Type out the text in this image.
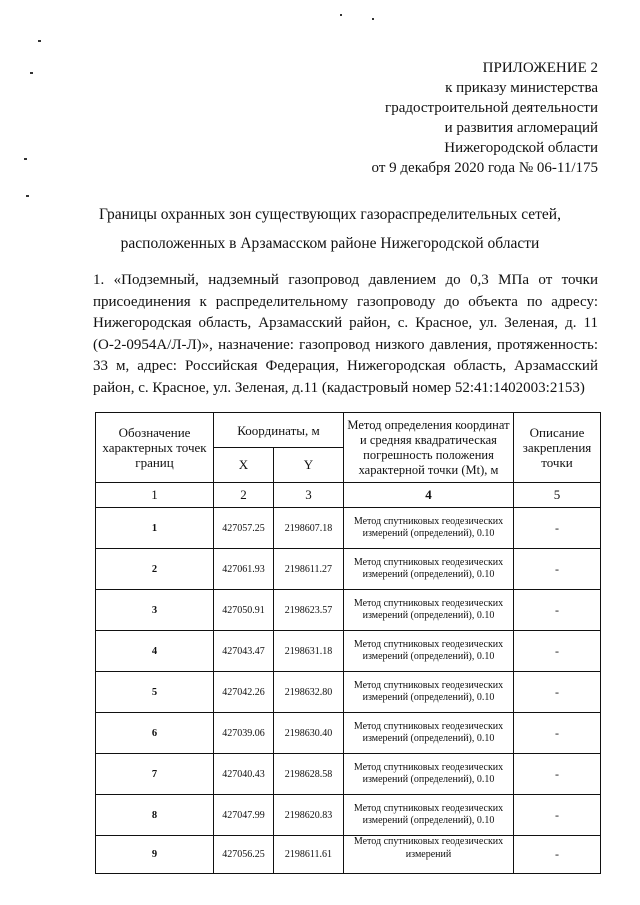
ПРИЛОЖЕНИЕ 2
к приказу министерства
градостроительной деятельности
и развития агломераций
Нижегородской области
от 9 декабря 2020 года № 06-11/175
Границы охранных зон существующих газораспределительных сетей,
расположенных в Арзамасском районе Нижегородской области
1. «Подземный, надземный газопровод давлением до 0,3 МПа от точки присоединения к распределительному газопроводу до объекта по адресу: Нижегородская область, Арзамасский район, с. Красное, ул. Зеленая, д. 11 (О-2-0954А/Л-Л)», назначение: газопровод низкого давления, протяженность: 33 м, адрес: Российская Федерация, Нижегородская область, Арзамасский район, с. Красное, ул. Зеленая, д.11 (кадастровый номер 52:41:1402003:2153)
Обозначение характерных точек границ	Координаты, м		Метод определения координат и средняя квадратическая погрешность положения характерной точки (Mt), м	Описание закрепления точки
	X	Y		
1	2	3	4	5
1	427057.25	2198607.18	Метод спутниковых геодезических измерений (определений), 0.10	-
2	427061.93	2198611.27	Метод спутниковых геодезических измерений (определений), 0.10	-
3	427050.91	2198623.57	Метод спутниковых геодезических измерений (определений), 0.10	-
4	427043.47	2198631.18	Метод спутниковых геодезических измерений (определений), 0.10	-
5	427042.26	2198632.80	Метод спутниковых геодезических измерений (определений), 0.10	-
6	427039.06	2198630.40	Метод спутниковых геодезических измерений (определений), 0.10	-
7	427040.43	2198628.58	Метод спутниковых геодезических измерений (определений), 0.10	-
8	427047.99	2198620.83	Метод спутниковых геодезических измерений (определений), 0.10	-
9	427056.25	2198611.61	Метод спутниковых геодезических измерений	-
